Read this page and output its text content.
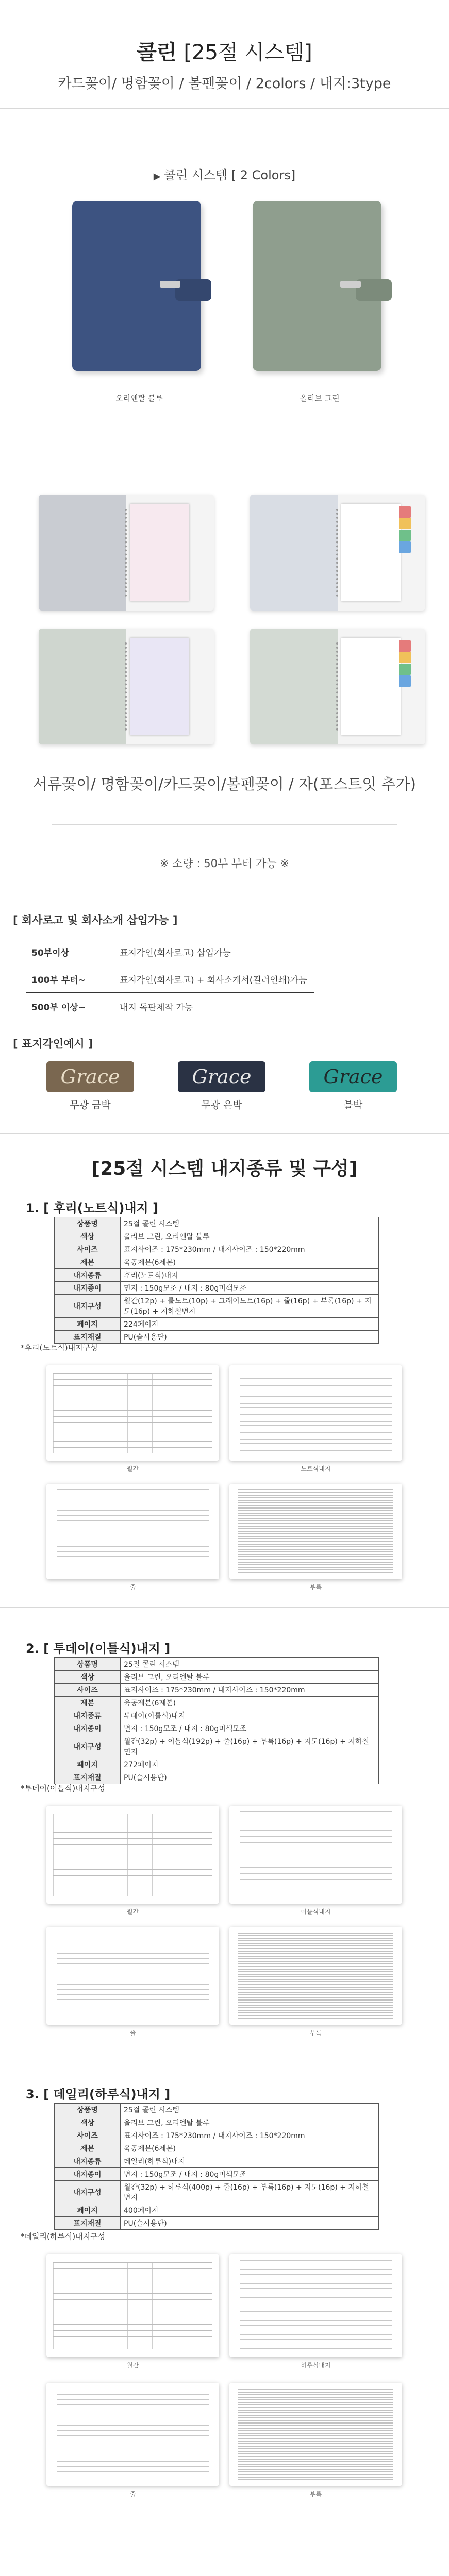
콜린 [25절 시스템]
카드꽂이/ 명함꽂이 / 볼펜꽂이 / 2colors / 내지:3type
▶ 콜린 시스템 [ 2 Colors]
오리엔탈 블루	올리브 그린
서류꽂이/ 명함꽂이/카드꽂이/볼펜꽂이 / 자(포스트잇 추가)
※ 소량 : 50부 부터 가능 ※
[ 회사로고 및 회사소개 삽입가능 ]
50부이상	표지각인(회사로고) 삽입가능
100부 부터~	표지각인(회사로고) + 회사소개서(컬러인쇄)가능
500부 이상~	내지 독판제작 가능
[ 표지각인예시 ]
Grace
무광 금박
Grace
무광 은박
Grace
블박
[25절 시스템 내지종류 및 구성]
1. [ 후리(노트식)내지 ]
상품명	25절 콜린 시스템
색상	올리브 그린, 오리엔탈 블루
사이즈	표지사이즈 : 175*230mm / 내지사이즈 : 150*220mm
제본	육공제본(6제본)
내지종류	후리(노트식)내지
내지종이	면지 : 150g모조 / 내지 : 80g미색모조
내지구성	월간(12p) + 룰노트(10p) + 그래이노트(16p) + 줄(16p) + 부록(16p) + 지도(16p) + 지하철면지
페이지	224페이지
표지재질	PU(슬시용단)
*후리(노트식)내지구성
월간	노트식내지
줄	부록
2. [ 투데이(이틀식)내지 ]
상품명	25절 콜린 시스템
색상	올리브 그린, 오리엔탈 블루
사이즈	표지사이즈 : 175*230mm / 내지사이즈 : 150*220mm
제본	육공제본(6제본)
내지종류	투데이(이틀식)내지
내지종이	면지 : 150g모조 / 내지 : 80g미색모조
내지구성	월간(32p) + 이틀식(192p) + 줄(16p) + 부록(16p) + 지도(16p) + 지하철면지
페이지	272페이지
표지재질	PU(슬시용단)
*투데이(이틀식)내지구성
월간	이틀식내지
줄	부록
3. [ 데일리(하루식)내지 ]
상품명	25절 콜린 시스템
색상	올리브 그린, 오리엔탈 블루
사이즈	표지사이즈 : 175*230mm / 내지사이즈 : 150*220mm
제본	육공제본(6제본)
내지종류	데일리(하루식)내지
내지종이	면지 : 150g모조 / 내지 : 80g미색모조
내지구성	월간(32p) + 하루식(400p) + 줄(16p) + 부록(16p) + 지도(16p) + 지하철면지
페이지	400페이지
표지재질	PU(슬시용단)
*데일리(하루식)내지구성
월간	하루식내지
줄	부록
